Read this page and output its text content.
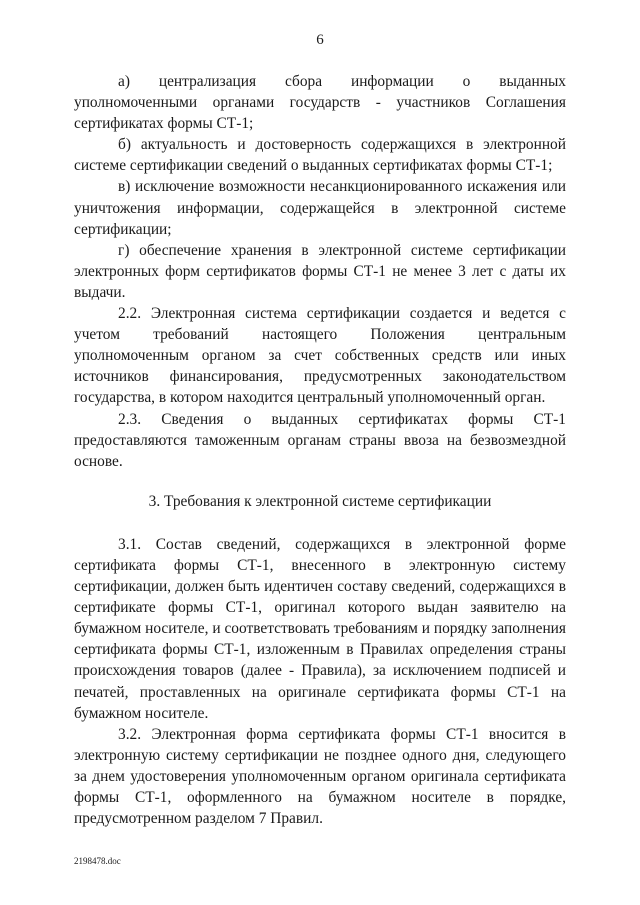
6

а) централизация сбора информации о выданных уполномоченными органами государств - участников Соглашения сертификатах формы СТ-1;

б) актуальность и достоверность содержащихся в электронной системе сертификации сведений о выданных сертификатах формы СТ-1;

в) исключение возможности несанкционированного искажения или уничтожения информации, содержащейся в электронной системе сертификации;

г) обеспечение хранения в электронной системе сертификации электронных форм сертификатов формы СТ-1 не менее 3 лет с даты их выдачи.

2.2. Электронная система сертификации создается и ведется с учетом требований настоящего Положения центральным уполномоченным органом за счет собственных средств или иных источников финансирования, предусмотренных законодательством государства, в котором находится центральный уполномоченный орган.

2.3. Сведения о выданных сертификатах формы СТ-1 предоставляются таможенным органам страны ввоза на безвозмездной основе.

3. Требования к электронной системе сертификации

3.1. Состав сведений, содержащихся в электронной форме сертификата формы СТ-1, внесенного в электронную систему сертификации, должен быть идентичен составу сведений, содержащихся в сертификате формы СТ-1, оригинал которого выдан заявителю на бумажном носителе, и соответствовать требованиям и порядку заполнения сертификата формы СТ-1, изложенным в Правилах определения страны происхождения товаров (далее - Правила), за исключением подписей и печатей, проставленных на оригинале сертификата формы СТ-1 на бумажном носителе.

3.2. Электронная форма сертификата формы СТ-1 вносится в электронную систему сертификации не позднее одного дня, следующего за днем удостоверения уполномоченным органом оригинала сертификата формы СТ-1, оформленного на бумажном носителе в порядке, предусмотренном разделом 7 Правил.

2198478.doc
